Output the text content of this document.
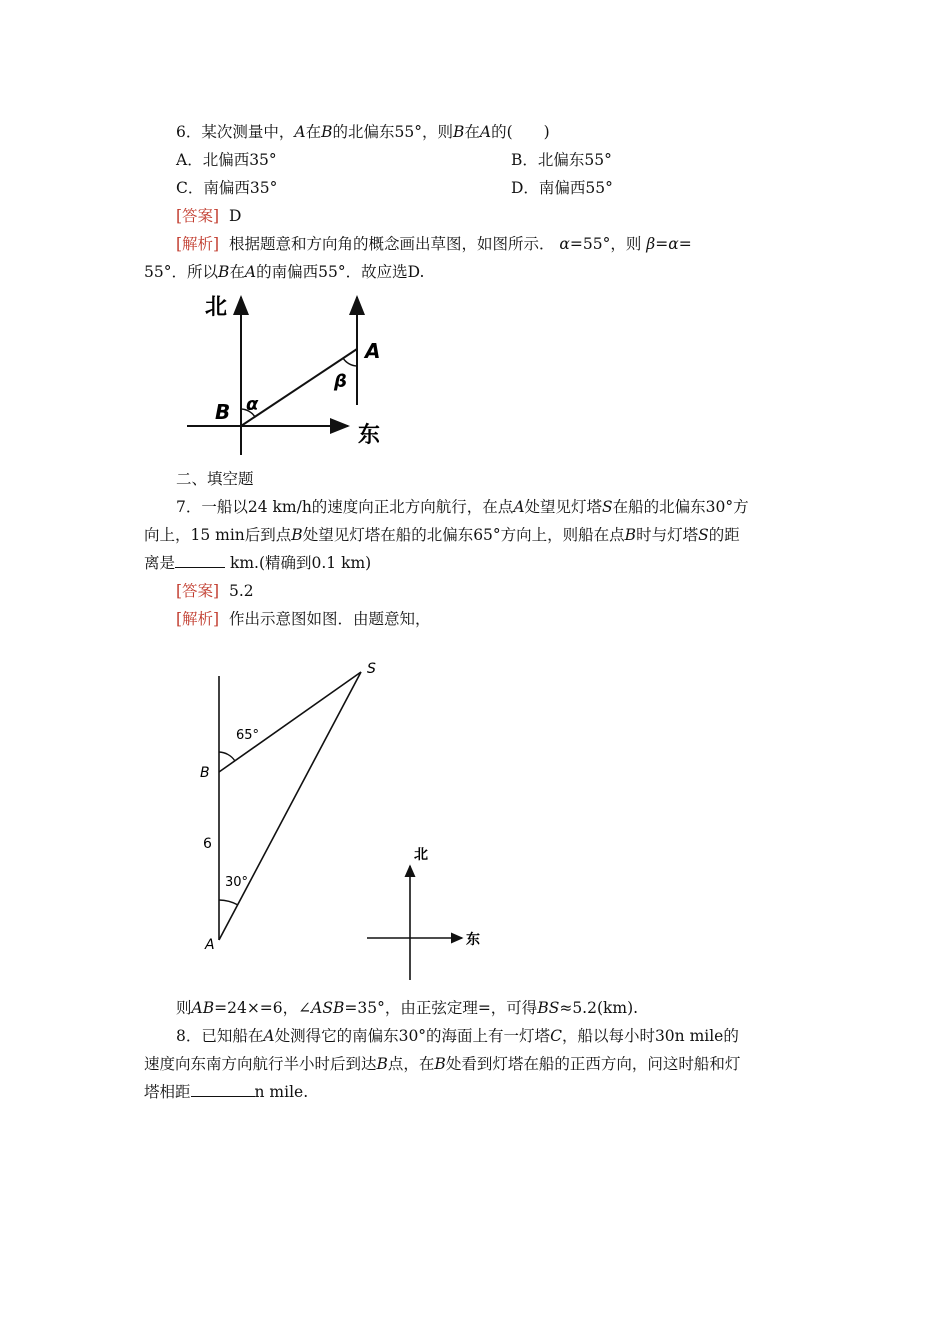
6．某次测量中，A在B的北偏东55°，则B在A的(　　)
A．北偏西35°	B．北偏东55°
C．南偏西35°	D．南偏西55°
[答案] D
[解析] 根据题意和方向角的概念画出草图，如图所示． α=55°，则 β=α=
55°．所以B在A的南偏西55°．故应选D.
北
东
A
B α
β
二、填空题
7．一船以24 km/h的速度向正北方向航行，在点A处望见灯塔S在船的北偏东30°方
向上，15 min后到点B处望见灯塔在船的北偏东65°方向上，则船在点B时与灯塔S的距
离是	km.(精确到0.1 km)
[答案] 5.2
[解析] 作出示意图如图．由题意知，
S
B
A
6
65°
30°
北
东
则AB=24×=6，∠ASB=35°，由正弦定理=，可得BS≈5.2(km).
8．已知船在A处测得它的南偏东30°的海面上有一灯塔C，船以每小时30n mile的
速度向东南方向航行半小时后到达B点，在B处看到灯塔在船的正西方向，问这时船和灯
塔相距	n mile.
